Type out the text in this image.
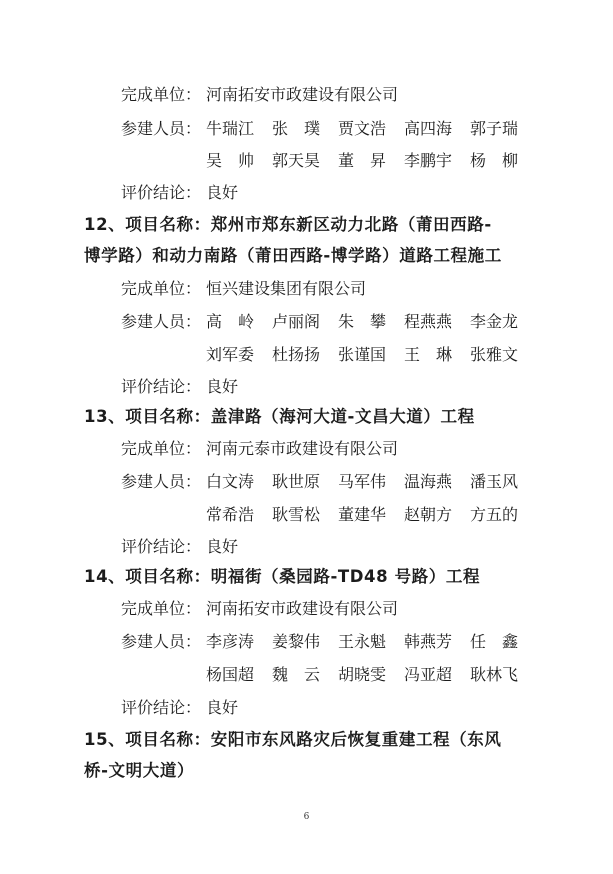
完成单位： 河南拓安市政建设有限公司
参建人员： 牛瑞江	张　璞	贾文浩	高四海	郭子瑞
吴　帅	郭天昊	董　昇	李鹏宇	杨　柳
评价结论： 良好
12、项目名称：郑州市郑东新区动力北路（莆田西路-
博学路）和动力南路（莆田西路-博学路）道路工程施工
完成单位： 恒兴建设集团有限公司
参建人员： 高　岭	卢丽阁	朱　攀	程燕燕	李金龙
刘军委	杜扬扬	张谨国	王　琳	张雅文
评价结论： 良好
13、项目名称：盖津路（海河大道-文昌大道）工程
完成单位： 河南元泰市政建设有限公司
参建人员： 白文涛	耿世原	马军伟	温海燕	潘玉风
常希浩	耿雪松	董建华	赵朝方	方五的
评价结论： 良好
14、项目名称：明福街（桑园路-TD48 号路）工程
完成单位： 河南拓安市政建设有限公司
参建人员： 李彦涛	姜黎伟	王永魁	韩燕芳	任　鑫
杨国超	魏　云	胡晓雯	冯亚超	耿林飞
评价结论： 良好
15、项目名称：安阳市东风路灾后恢复重建工程（东风
桥-文明大道）
6
